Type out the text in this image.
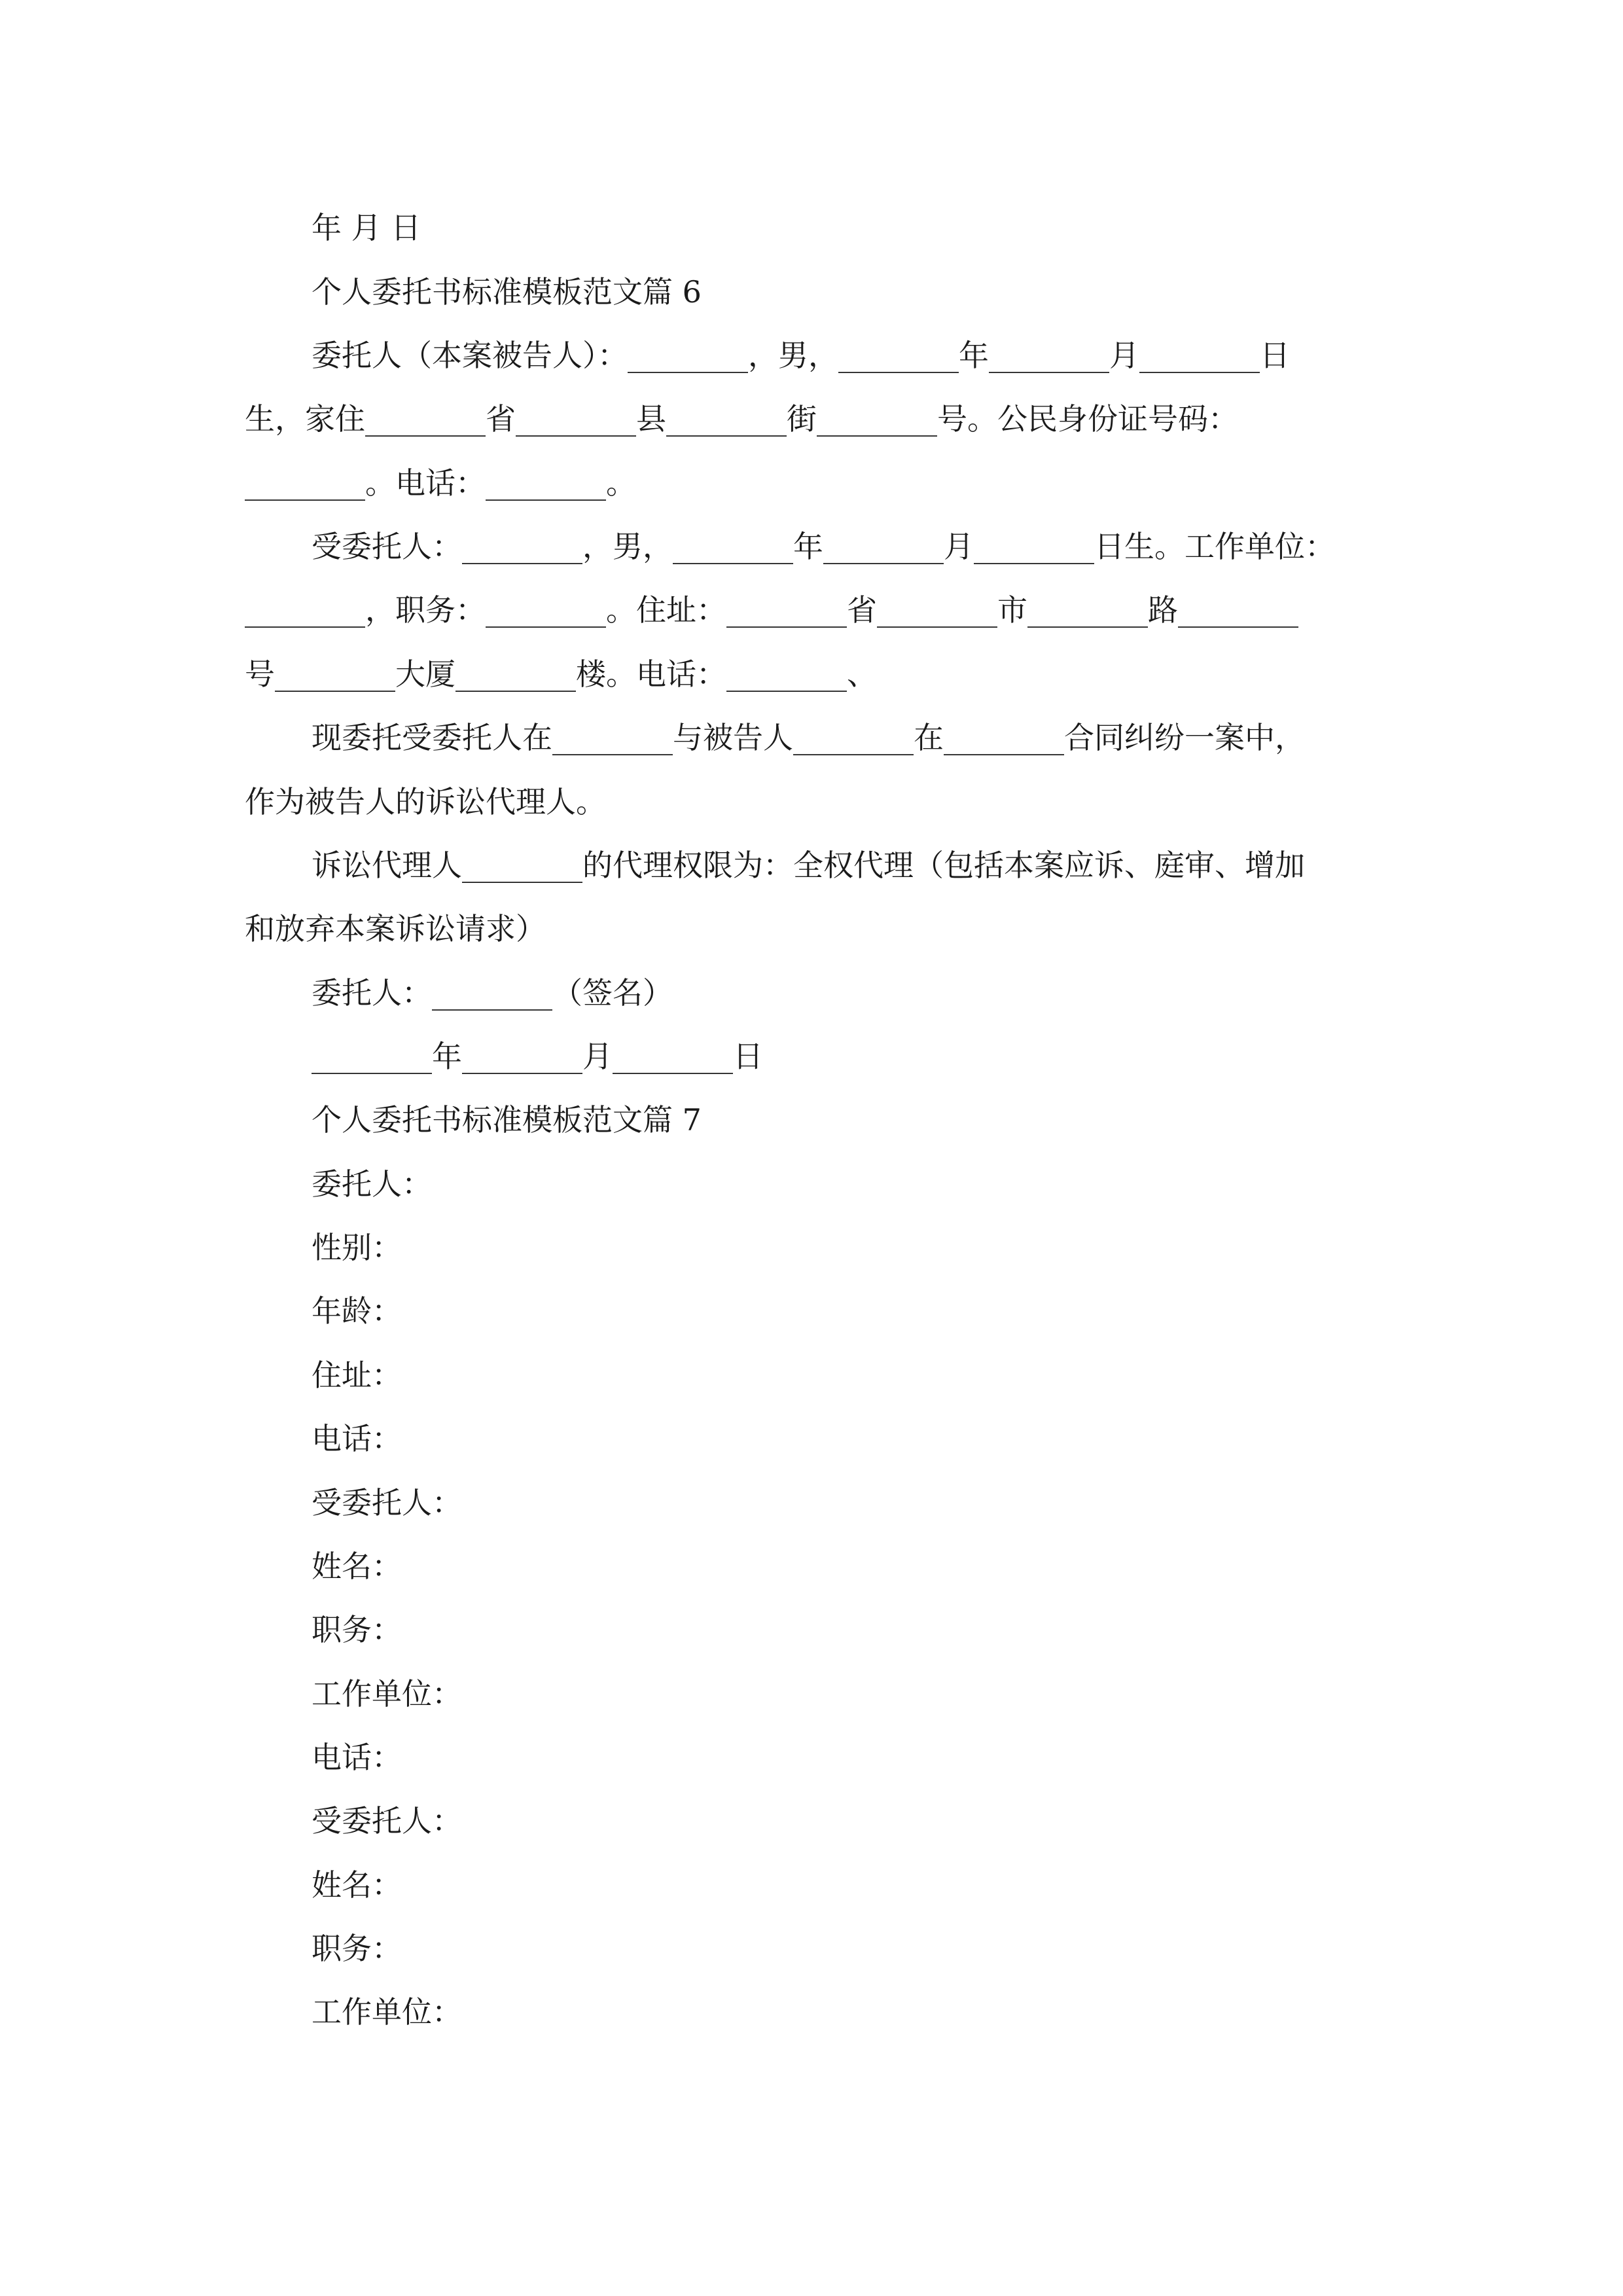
年 月 日
个人委托书标准模板范文篇 6
委托人（本案被告人）：________，男，________年________月________日
生，家住________省________县________街________号。公民身份证号码：
________。电话：________。
受委托人：________，男，________年________月________日生。工作单位：
________，职务：________。住址：________省________市________路________
号________大厦________楼。电话：________、
现委托受委托人在________与被告人________在________合同纠纷一案中，
作为被告人的诉讼代理人。
诉讼代理人________的代理权限为：全权代理（包括本案应诉、庭审、增加
和放弃本案诉讼请求）
委托人：________（签名）
________年________月________日
个人委托书标准模板范文篇 7
委托人：
性别：
年龄：
住址：
电话：
受委托人：
姓名：
职务：
工作单位：
电话：
受委托人：
姓名：
职务：
工作单位：
